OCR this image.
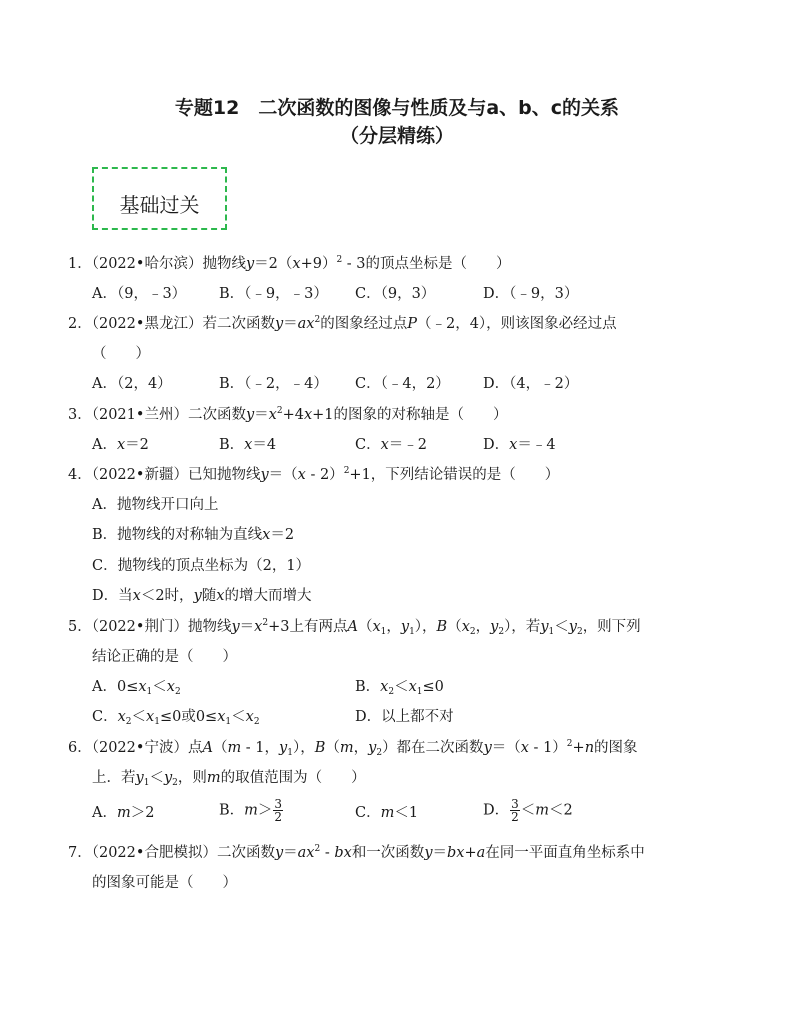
专题12　二次函数的图像与性质及与a、b、c的关系
（分层精练）
基础过关
1．（2022•哈尔滨）抛物线$y=2(x+9)^2 - 3$的顶点坐标是（　　）
A．（9，﹣3） B．（﹣9，﹣3） C．（9，3）	D．（﹣9，3）
2．（2022•黑龙江）若二次函数$y=ax^2$的图象经过点P（﹣2，4），则该图象必经过点
（　　）
A．（2，4）	B．（﹣2，﹣4） C．（﹣4，2） D．（4，﹣2）
3．（2021•兰州）二次函数$y=x^2+4x+1$的图象的对称轴是（　　）
A．x＝2	B．x＝4	C．x＝﹣2	D．x＝﹣4
4．（2022•新疆）已知抛物线y＝（x - 2）$^2$+1，下列结论错误的是（　　）
A．抛物线开口向上
B．抛物线的对称轴为直线x＝2
C．抛物线的顶点坐标为（2，1）
D．当x＜2时，y随x的增大而增大
5．（2022•荆门）抛物线$y=x^2+3$上有两点$A(x_1$，$y_1$），$B(x_2$，$y_2$），若$y_1<y_2$，则下列
结论正确的是（　　）
A．$0\le x_1<x_2$	B．$x_2<x_1\le 0$
C．$x_2<x_1\le 0$或$0\le x_1<x_2$	D．以上都不对
6．（2022•宁波）点A（m - 1，$y_1$），B（m，$y_2$）都在二次函数y＝（x - 1）$^2$+n的图象
上．若$y_1<y_2$，则m的取值范围为（　　）
A．m＞2	B．$m> \frac{3}{2}$	C．m＜1	D． $\frac{3}{2} <m<2$
7．（2022•合肥模拟）二次函数$y=ax^2$ - bx和一次函数y＝bx+a在同一平面直角坐标系中
的图象可能是（　　）
